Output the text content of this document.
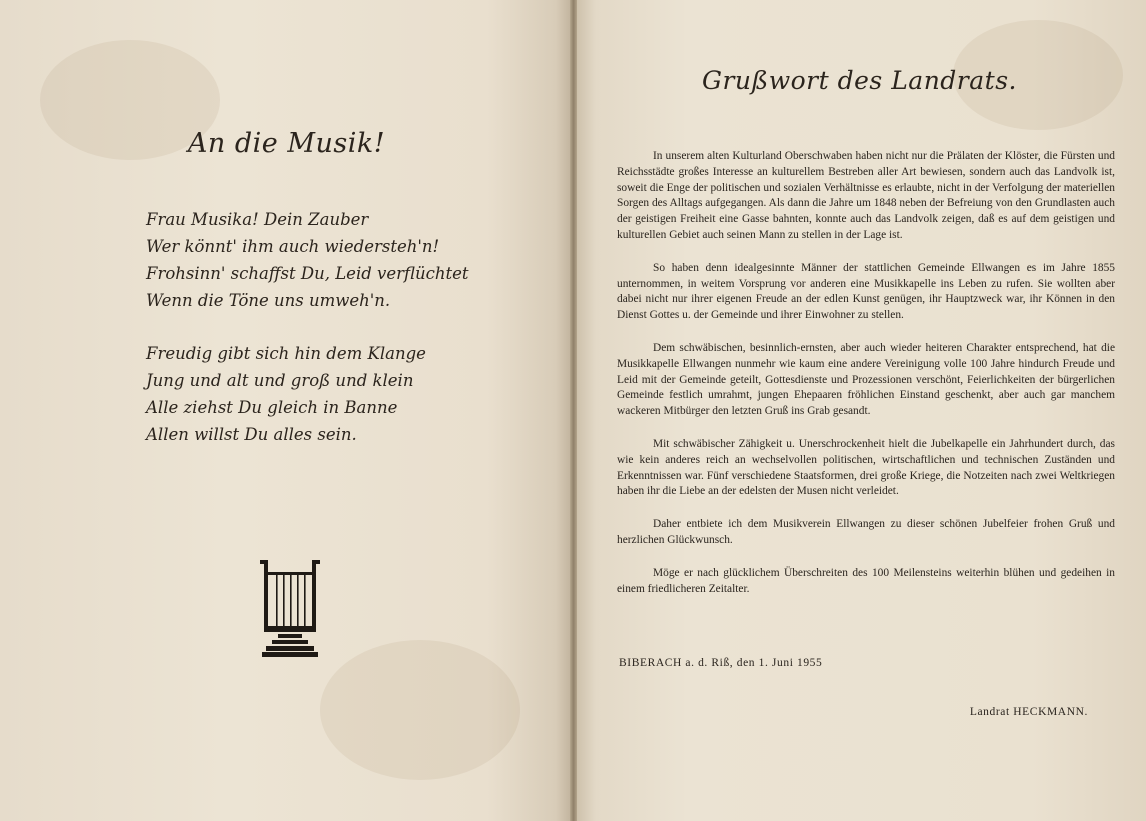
An die Musik!
Frau Musika! Dein Zauber
Wer könnt' ihm auch wiedersteh'n!
Frohsinn' schaffst Du, Leid verflüchtet
Wenn die Töne uns umweh'n.
Freudig gibt sich hin dem Klange
Jung und alt und groß und klein
Alle ziehst Du gleich in Banne
Allen willst Du alles sein.
Grußwort des Landrats.

In unserem alten Kulturland Oberschwaben haben nicht nur die Prälaten der Klöster, die Fürsten und Reichsstädte großes Interesse an kulturellem Bestreben aller Art bewiesen, sondern auch das Landvolk ist, soweit die Enge der politischen und sozialen Verhältnisse es erlaubte, nicht in der Verfolgung der materiellen Sorgen des Alltags aufgegangen. Als dann die Jahre um 1848 neben der Befreiung von den Grundlasten auch der geistigen Freiheit eine Gasse bahnten, konnte auch das Landvolk zeigen, daß es auf dem geistigen und kulturellen Gebiet auch seinen Mann zu stellen in der Lage ist.

So haben denn idealgesinnte Männer der stattlichen Gemeinde Ellwangen es im Jahre 1855 unternommen, in weitem Vorsprung vor anderen eine Musikkapelle ins Leben zu rufen. Sie wollten aber dabei nicht nur ihrer eigenen Freude an der edlen Kunst genügen, ihr Hauptzweck war, ihr Können in den Dienst Gottes u. der Gemeinde und ihrer Einwohner zu stellen.

Dem schwäbischen, besinnlich-ernsten, aber auch wieder heiteren Charakter entsprechend, hat die Musikkapelle Ellwangen nunmehr wie kaum eine andere Vereinigung volle 100 Jahre hindurch Freude und Leid mit der Gemeinde geteilt, Gottesdienste und Prozessionen verschönt, Feierlichkeiten der bürgerlichen Gemeinde festlich umrahmt, jungen Ehepaaren fröhlichen Einstand geschenkt, aber auch gar manchem wackeren Mitbürger den letzten Gruß ins Grab gesandt.

Mit schwäbischer Zähigkeit u. Unerschrockenheit hielt die Jubelkapelle ein Jahrhundert durch, das wie kein anderes reich an wechselvollen politischen, wirtschaftlichen und technischen Zuständen und Erkenntnissen war. Fünf verschiedene Staatsformen, drei große Kriege, die Notzeiten nach zwei Weltkriegen haben ihr die Liebe an der edelsten der Musen nicht verleidet.

Daher entbiete ich dem Musikverein Ellwangen zu dieser schönen Jubelfeier frohen Gruß und herzlichen Glückwunsch.

Möge er nach glücklichem Überschreiten des 100 Meilensteins weiterhin blühen und gedeihen in einem friedlicheren Zeitalter.

BIBERACH a. d. Riß, den 1. Juni 1955
Landrat HECKMANN.
